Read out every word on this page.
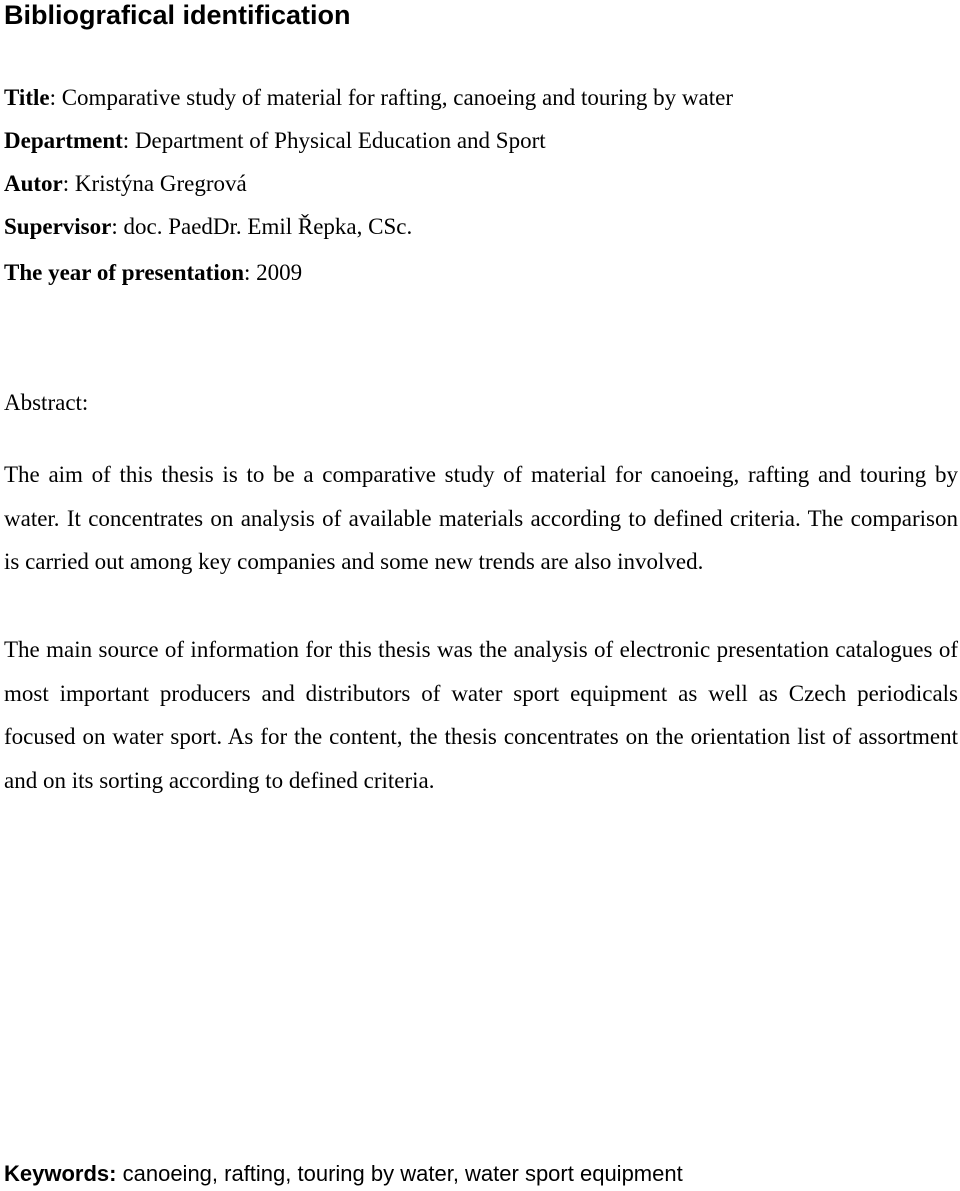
Bibliografical identification
Title: Comparative study of material for rafting, canoeing and touring by water
Department: Department of Physical Education and Sport
Autor: Kristýna Gregrová
Supervisor: doc. PaedDr. Emil Řepka, CSc.
The year of presentation: 2009
Abstract:

The aim of this thesis is to be a comparative study of material for canoeing, rafting and touring by water. It concentrates on analysis of available materials according to defined criteria. The comparison is carried out among key companies and some new trends are also involved.

The main source of information for this thesis was the analysis of electronic presentation catalogues of most important producers and distributors of water sport equipment as well as Czech periodicals focused on water sport. As for the content, the thesis concentrates on the orientation list of assortment and on its sorting according to defined criteria.

Keywords: canoeing, rafting, touring by water, water sport equipment
